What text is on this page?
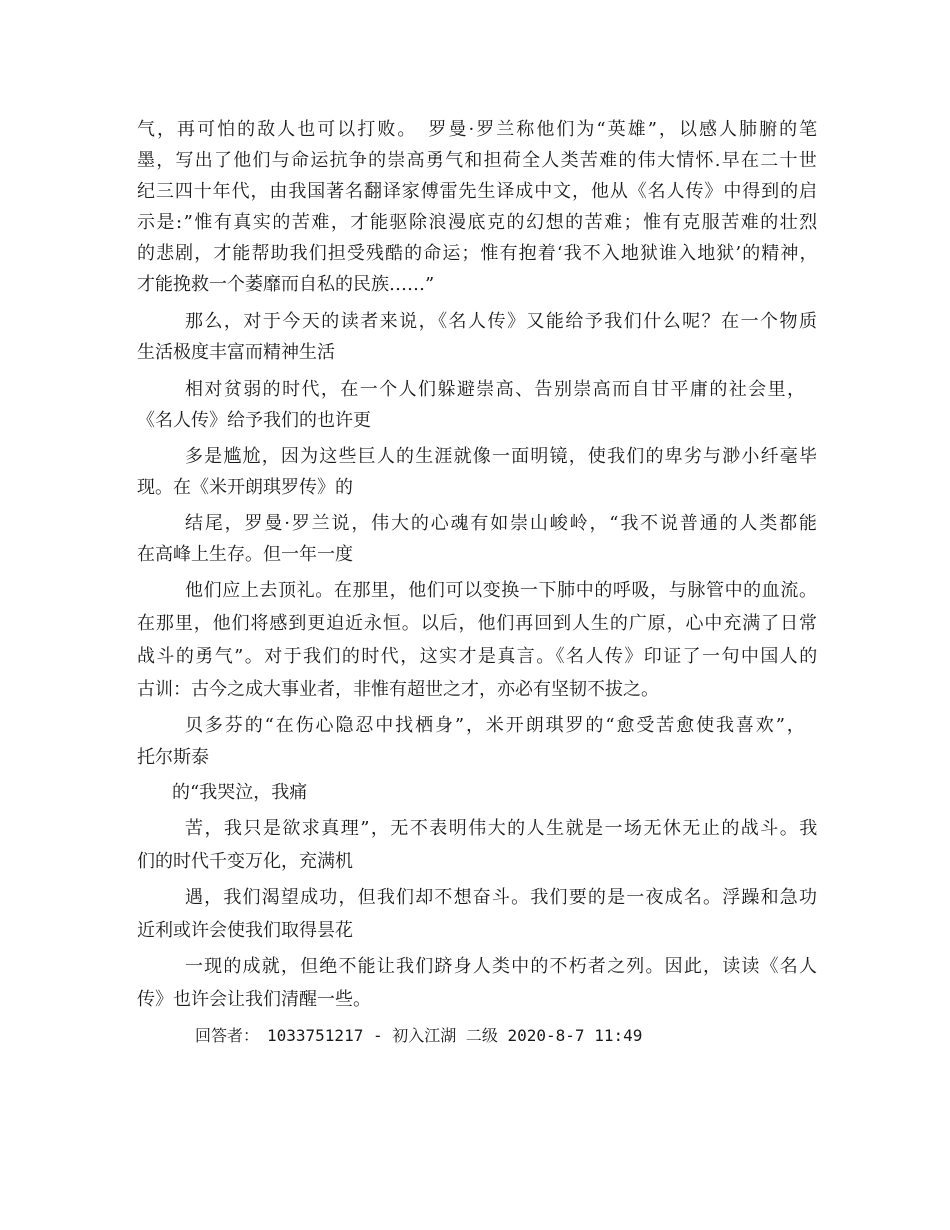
气，再可怕的敌人也可以打败。　罗曼·罗兰称他们为“英雄”，以感人肺腑的笔
墨，写出了他们与命运抗争的崇高勇气和担荷全人类苦难的伟大情怀.早在二十世
纪三四十年代，由我国著名翻译家傅雷先生译成中文，他从《名人传》中得到的启
示是:”惟有真实的苦难，才能驱除浪漫底克的幻想的苦难；惟有克服苦难的壮烈
的悲剧，才能帮助我们担受残酷的命运；惟有抱着‘我不入地狱谁入地狱’的精神，
才能挽救一个萎靡而自私的民族……”
那么，对于今天的读者来说，《名人传》又能给予我们什么呢？在一个物质
生活极度丰富而精神生活
相对贫弱的时代，在一个人们躲避崇高、告别崇高而自甘平庸的社会里，
《名人传》给予我们的也许更
多是尴尬，因为这些巨人的生涯就像一面明镜，使我们的卑劣与渺小纤毫毕
现。在《米开朗琪罗传》的
结尾，罗曼·罗兰说，伟大的心魂有如崇山峻岭，“我不说普通的人类都能
在高峰上生存。但一年一度
他们应上去顶礼。在那里，他们可以变换一下肺中的呼吸，与脉管中的血流。
在那里，他们将感到更迫近永恒。以后，他们再回到人生的广原，心中充满了日常
战斗的勇气”。对于我们的时代，这实才是真言。《名人传》印证了一句中国人的
古训：古今之成大事业者，非惟有超世之才，亦必有坚韧不拔之。
贝多芬的“在伤心隐忍中找栖身”，米开朗琪罗的“愈受苦愈使我喜欢”，
托尔斯泰
的“我哭泣，我痛
苦，我只是欲求真理”，无不表明伟大的人生就是一场无休无止的战斗。我
们的时代千变万化，充满机
遇，我们渴望成功，但我们却不想奋斗。我们要的是一夜成名。浮躁和急功
近利或许会使我们取得昙花
一现的成就，但绝不能让我们跻身人类中的不朽者之列。因此，读读《名人
传》也许会让我们清醒一些。
回答者：　1033751217 - 初入江湖 二级 2020-8-7 11:49
